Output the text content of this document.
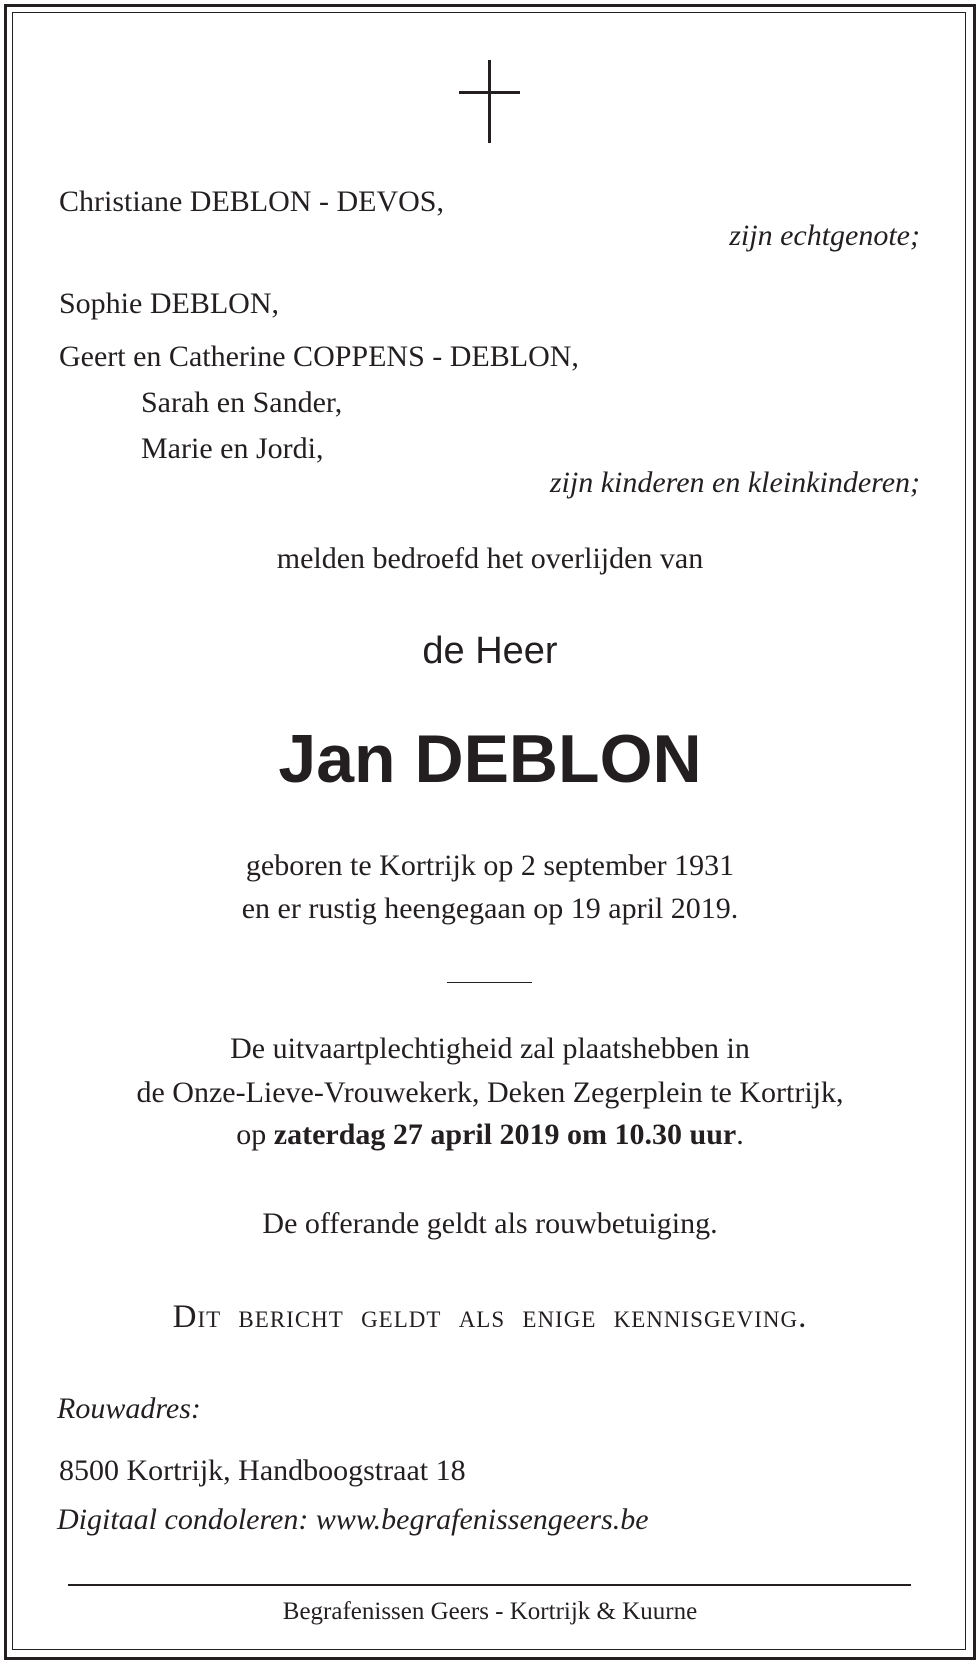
Christiane DEBLON - DEVOS,
zijn echtgenote;
Sophie DEBLON,
Geert en Catherine COPPENS - DEBLON,
Sarah en Sander,
Marie en Jordi,
zijn kinderen en kleinkinderen;
melden bedroefd het overlijden van
de Heer
Jan DEBLON
geboren te Kortrijk op 2 september 1931
en er rustig heengegaan op 19 april 2019.
De uitvaartplechtigheid zal plaatshebben in
de Onze-Lieve-Vrouwekerk, Deken Zegerplein te Kortrijk,
op zaterdag 27 april 2019 om 10.30 uur.
De offerande geldt als rouwbetuiging.
Dit bericht geldt als enige kennisgeving.
Rouwadres:
8500 Kortrijk, Handboogstraat 18
Digitaal condoleren: www.begrafenissengeers.be
Begrafenissen Geers - Kortrijk & Kuurne
